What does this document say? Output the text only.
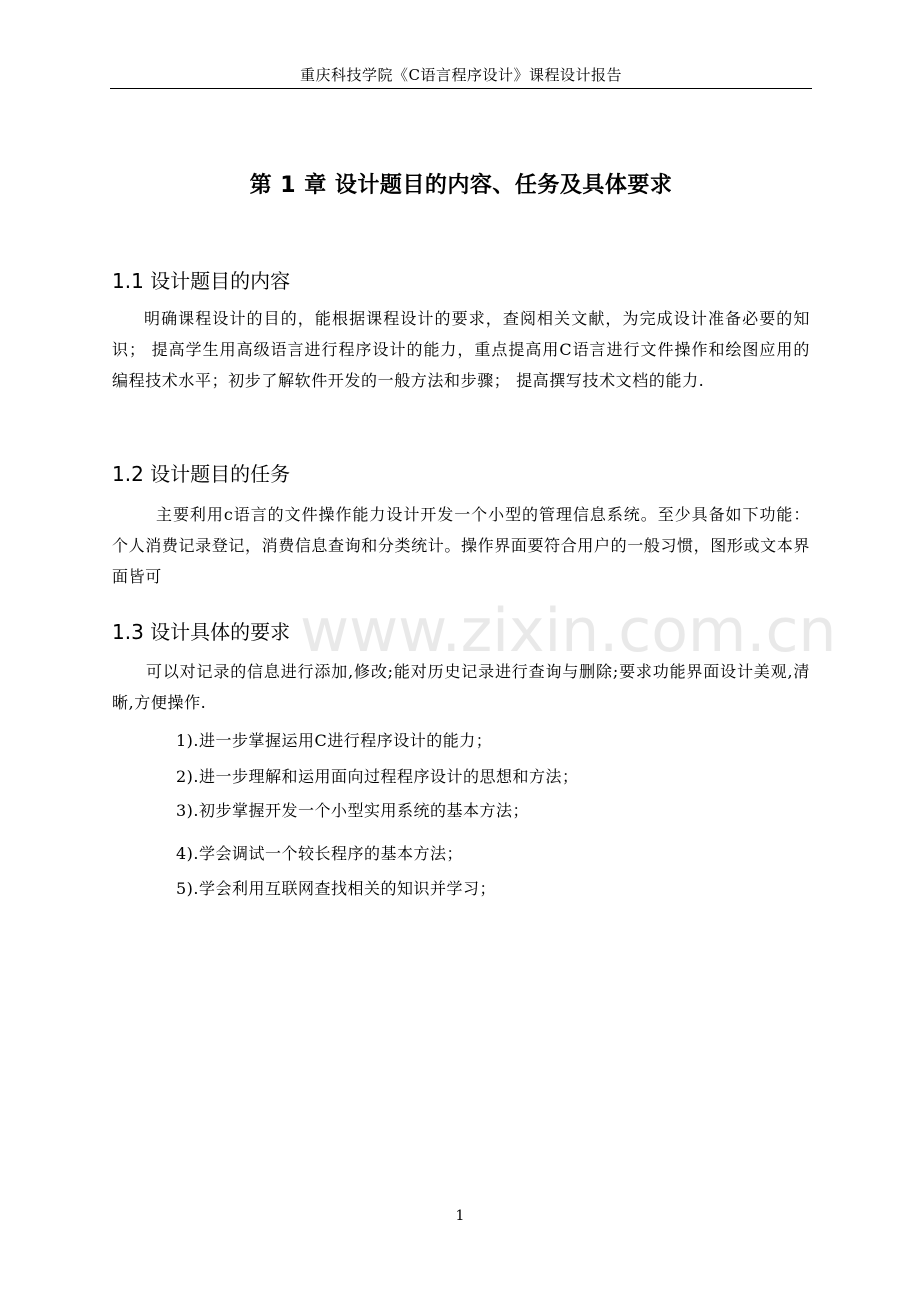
重庆科技学院《C语言程序设计》课程设计报告
第 1 章 设计题目的内容、任务及具体要求
1.1 设计题目的内容
明确课程设计的目的，能根据课程设计的要求，查阅相关文献，为完成设计准备必要的知识； 提高学生用高级语言进行程序设计的能力，重点提高用C语言进行文件操作和绘图应用的编程技术水平；初步了解软件开发的一般方法和步骤； 提高撰写技术文档的能力.
1.2 设计题目的任务
主要利用c语言的文件操作能力设计开发一个小型的管理信息系统。至少具备如下功能：个人消费记录登记，消费信息查询和分类统计。操作界面要符合用户的一般习惯，图形或文本界面皆可
www.zixin.com.cn
1.3 设计具体的要求
可以对记录的信息进行添加,修改;能对历史记录进行查询与删除;要求功能界面设计美观,清晰,方便操作.
1).进一步掌握运用C进行程序设计的能力；
2).进一步理解和运用面向过程程序设计的思想和方法；
3).初步掌握开发一个小型实用系统的基本方法；
4).学会调试一个较长程序的基本方法；
5).学会利用互联网查找相关的知识并学习；
1
